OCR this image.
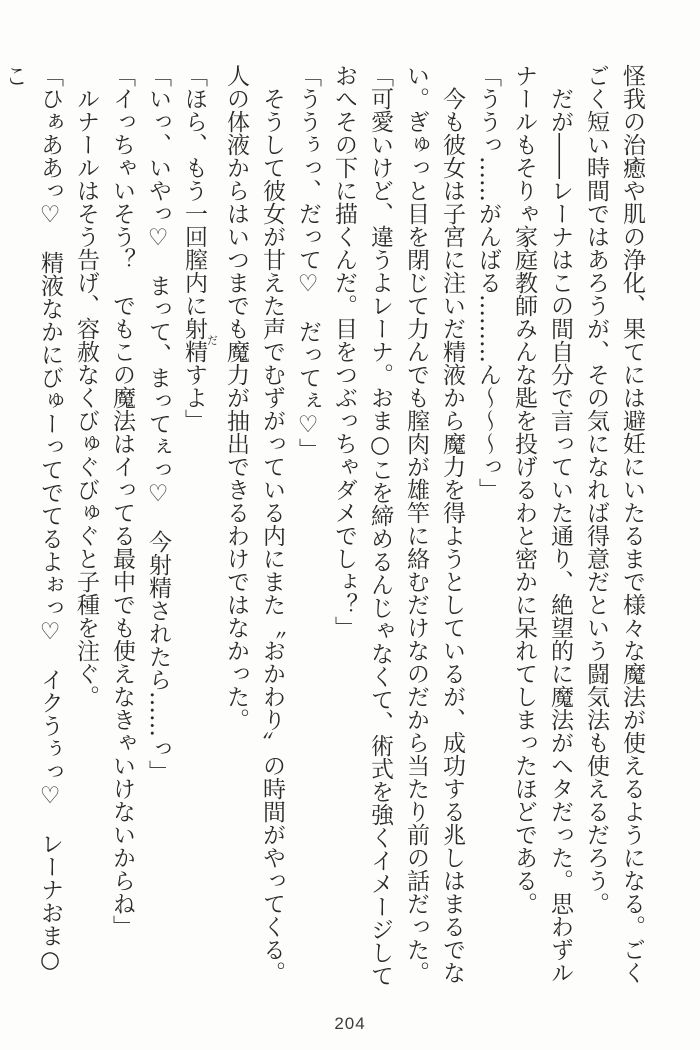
怪我の治癒や肌の浄化、果てには避妊にいたるまで様々な魔法が使えるようになる。ごく

ごく短い時間ではあろうが、その気になれば得意だという闘気法も使えるだろう。

　だが――レーナはこの間自分で言っていた通り、絶望的に魔法がヘタだった。思わずル

ナールもそりゃ家庭教師みんな匙を投げるわと密かに呆れてしまったほどである。

「ううっ……がんばる………ん～～～っ」

　今も彼女は子宮に注いだ精液から魔力を得ようとしているが、成功する兆しはまるでな

い。ぎゅっと目を閉じて力んでも膣肉が雄竿に絡むだけなのだから当たり前の話だった。

「可愛いけど、違うよレーナ。おま○こを締めるんじゃなくて、術式を強くイメージして

おへその下に描くんだ。目をつぶっちゃダメでしょ？」

「ううぅっ、だって♡　だってぇ♡」

　そうして彼女が甘えた声でむずがっている内にまた〝おかわり〟の時間がやってくる。

人の体液からはいつまでも魔力が抽出できるわけではなかった。

「ほら、もう一回膣内に射精だすよ」

「いっ、いやっ♡　まって、まってぇっ♡　今射精されたら……っ」

「イっちゃいそう？　でもこの魔法はイってる最中でも使えなきゃいけないからね」

　ルナールはそう告げ、容赦なくびゅぐびゅぐと子種を注ぐ。

「ひぁああっ♡　精液なかにびゅーってでてるよぉっ♡　イクうぅっ♡　レーナおま○こ

204
